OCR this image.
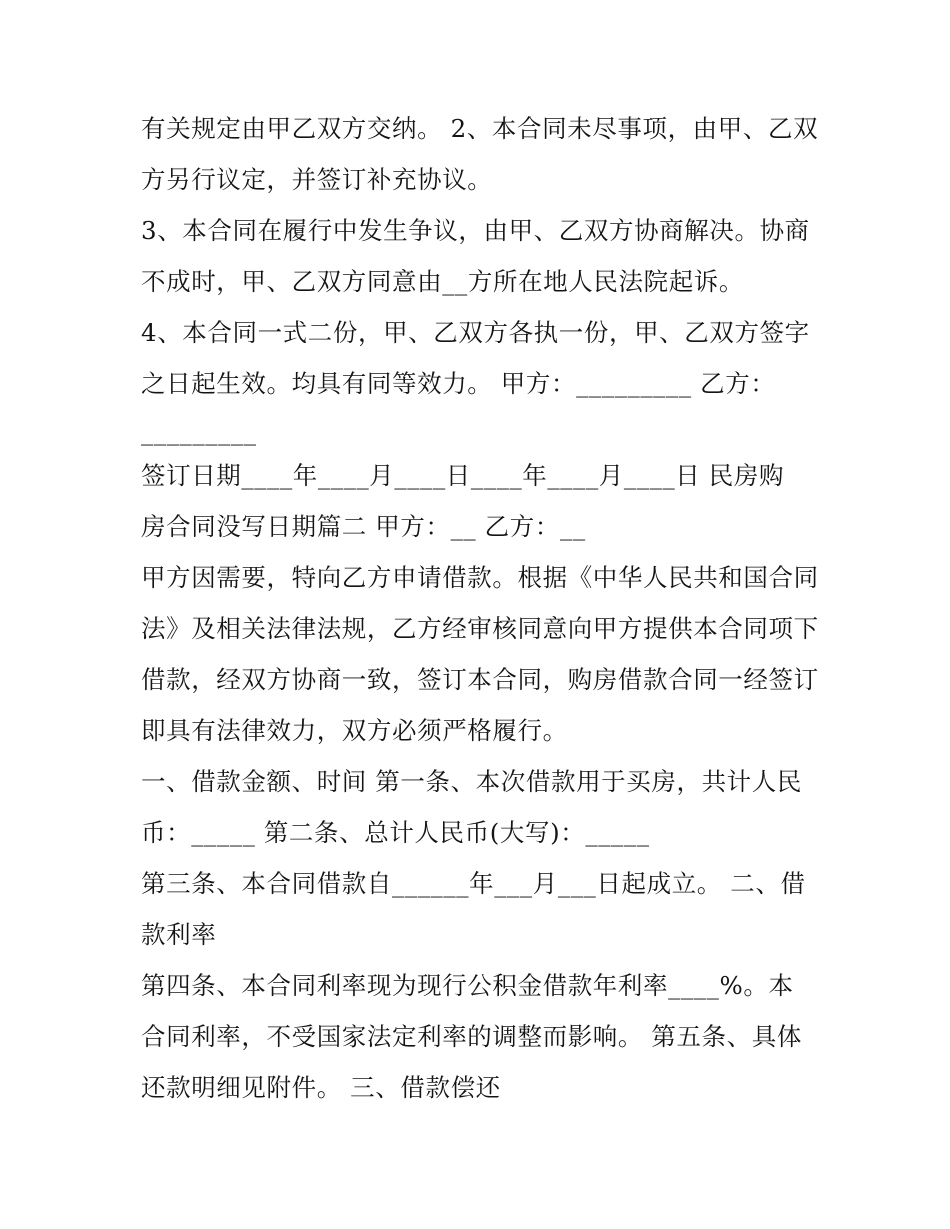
有关规定由甲乙双方交纳。 2、本合同未尽事项，由甲、乙双
方另行议定，并签订补充协议。
3、本合同在履行中发生争议，由甲、乙双方协商解决。协商
不成时，甲、乙双方同意由__方所在地人民法院起诉。
4、本合同一式二份，甲、乙双方各执一份，甲、乙双方签字
之日起生效。均具有同等效力。 甲方：_________ 乙方：
_________
签订日期____年____月____日____年____月____日 民房购
房合同没写日期篇二 甲方：__ 乙方：__
甲方因需要，特向乙方申请借款。根据《中华人民共和国合同
法》及相关法律法规，乙方经审核同意向甲方提供本合同项下
借款，经双方协商一致，签订本合同，购房借款合同一经签订
即具有法律效力，双方必须严格履行。
一、借款金额、时间 第一条、本次借款用于买房，共计人民
币：_____ 第二条、总计人民币(大写)：_____
第三条、本合同借款自______年___月___日起成立。 二、借
款利率
第四条、本合同利率现为现行公积金借款年利率____%。本
合同利率，不受国家法定利率的调整而影响。 第五条、具体
还款明细见附件。 三、借款偿还
